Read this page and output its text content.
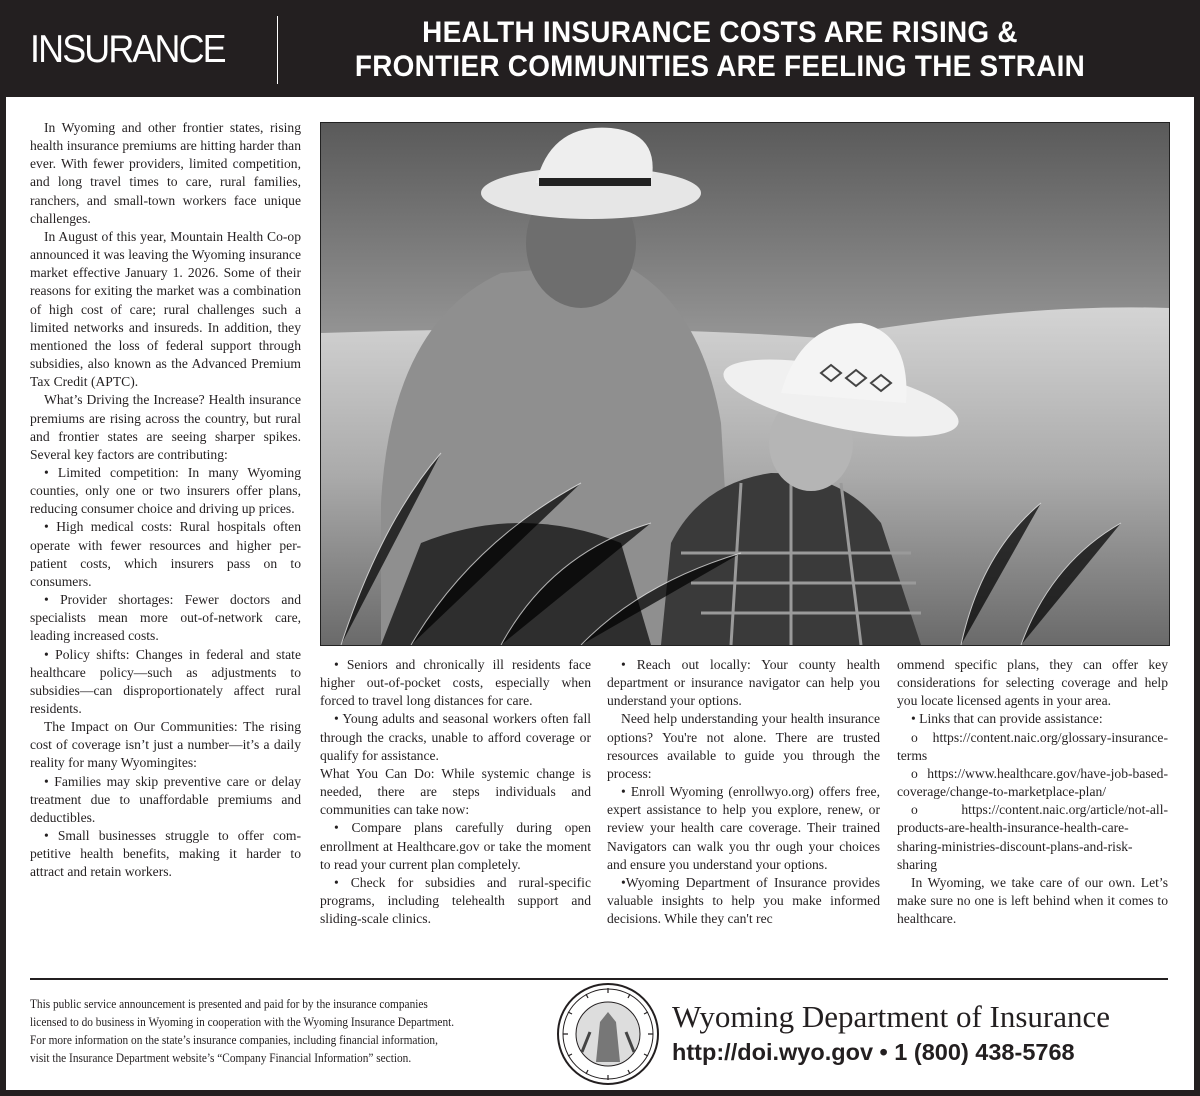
INSURANCE	HEALTH INSURANCE COSTS ARE RISING &
FRONTIER COMMUNITIES ARE FEELING THE STRAIN

In Wyoming and other frontier states, rising health insurance premiums are hitting harder than ever. With fewer providers, limited competition, and long travel times to care, rural families, ranchers, and small-town workers face unique challenges.

In August of this year, Mountain Health Co-op announced it was leaving the Wyoming insurance market effective January 1. 2026. Some of their reasons for exiting the market was a combination of high cost of care; rural challenges such a limited networks and insureds. In addition, they mentioned the loss of federal support through subsidies, also known as the Advanced Premium Tax Credit (APTC).

What’s Driving the Increase? Health insurance premiums are rising across the country, but rural and frontier states are seeing sharper spikes. Several key factors are contributing:

• Limited competition: In many Wyoming counties, only one or two insurers offer plans, reducing consumer choice and driving up prices.

• High medical costs: Rural hospitals often operate with fewer resources and higher per-patient costs, which insurers pass on to consumers.

• Provider shortages: Fewer doctors and specialists mean more out-of-network care, leading increased costs.

• Policy shifts: Changes in federal and state healthcare policy—such as adjustments to subsidies—can disproportionately affect rural residents.

The Impact on Our Communities: The rising cost of coverage isn’t just a number—it’s a daily reality for many Wyomingites:

• Families may skip preventive care or delay treatment due to unaffordable premiums and deductibles.

• Small businesses struggle to offer competitive health benefits, making it harder to attract and retain workers.

• Seniors and chronically ill residents face higher out-of-pocket costs, especially when forced to travel long distances for care.

• Young adults and seasonal workers often fall through the cracks, unable to afford coverage or qualify for assistance.

What You Can Do: While systemic change is needed, there are steps individuals and communities can take now:

• Compare plans carefully during open enrollment at Healthcare.gov or take the moment to read your current plan completely.

• Check for subsidies and rural-specific programs, including telehealth support and sliding-scale clinics.

• Reach out locally: Your county health department or insurance navigator can help you understand your options.

Need help understanding your health insurance options? You're not alone. There are trusted resources available to guide you through the process:

• Enroll Wyoming (enrollwyo.org) offers free, expert assistance to help you explore, renew, or review your health care coverage. Their trained Navigators can walk you thr ough your choices and ensure you understand your options.

•Wyoming Department of Insurance provides valuable insights to help you make informed decisions. While they can't rec

ommend specific plans, they can offer key considerations for selecting coverage and help you locate licensed agents in your area.

• Links that can provide assistance:

o https://content.naic.org/glossary-insurance-terms

o https://www.healthcare.gov/have-job-based-coverage/change-to-marketplace-plan/

o https://content.naic.org/article/not-all-products-are-health-insurance-health-care-sharing-ministries-discount-plans-and-risk-sharing

In Wyoming, we take care of our own. Let’s make sure no one is left behind when it comes to healthcare.

This public service announcement is presented and paid for by the insurance companies
licensed to do business in Wyoming in cooperation with the Wyoming Insurance Department.
For more information on the state’s insurance companies, including financial information,
visit the Insurance Department website’s “Company Financial Information” section.
Wyoming Department of Insurance
http://doi.wyo.gov • 1 (800) 438-5768
